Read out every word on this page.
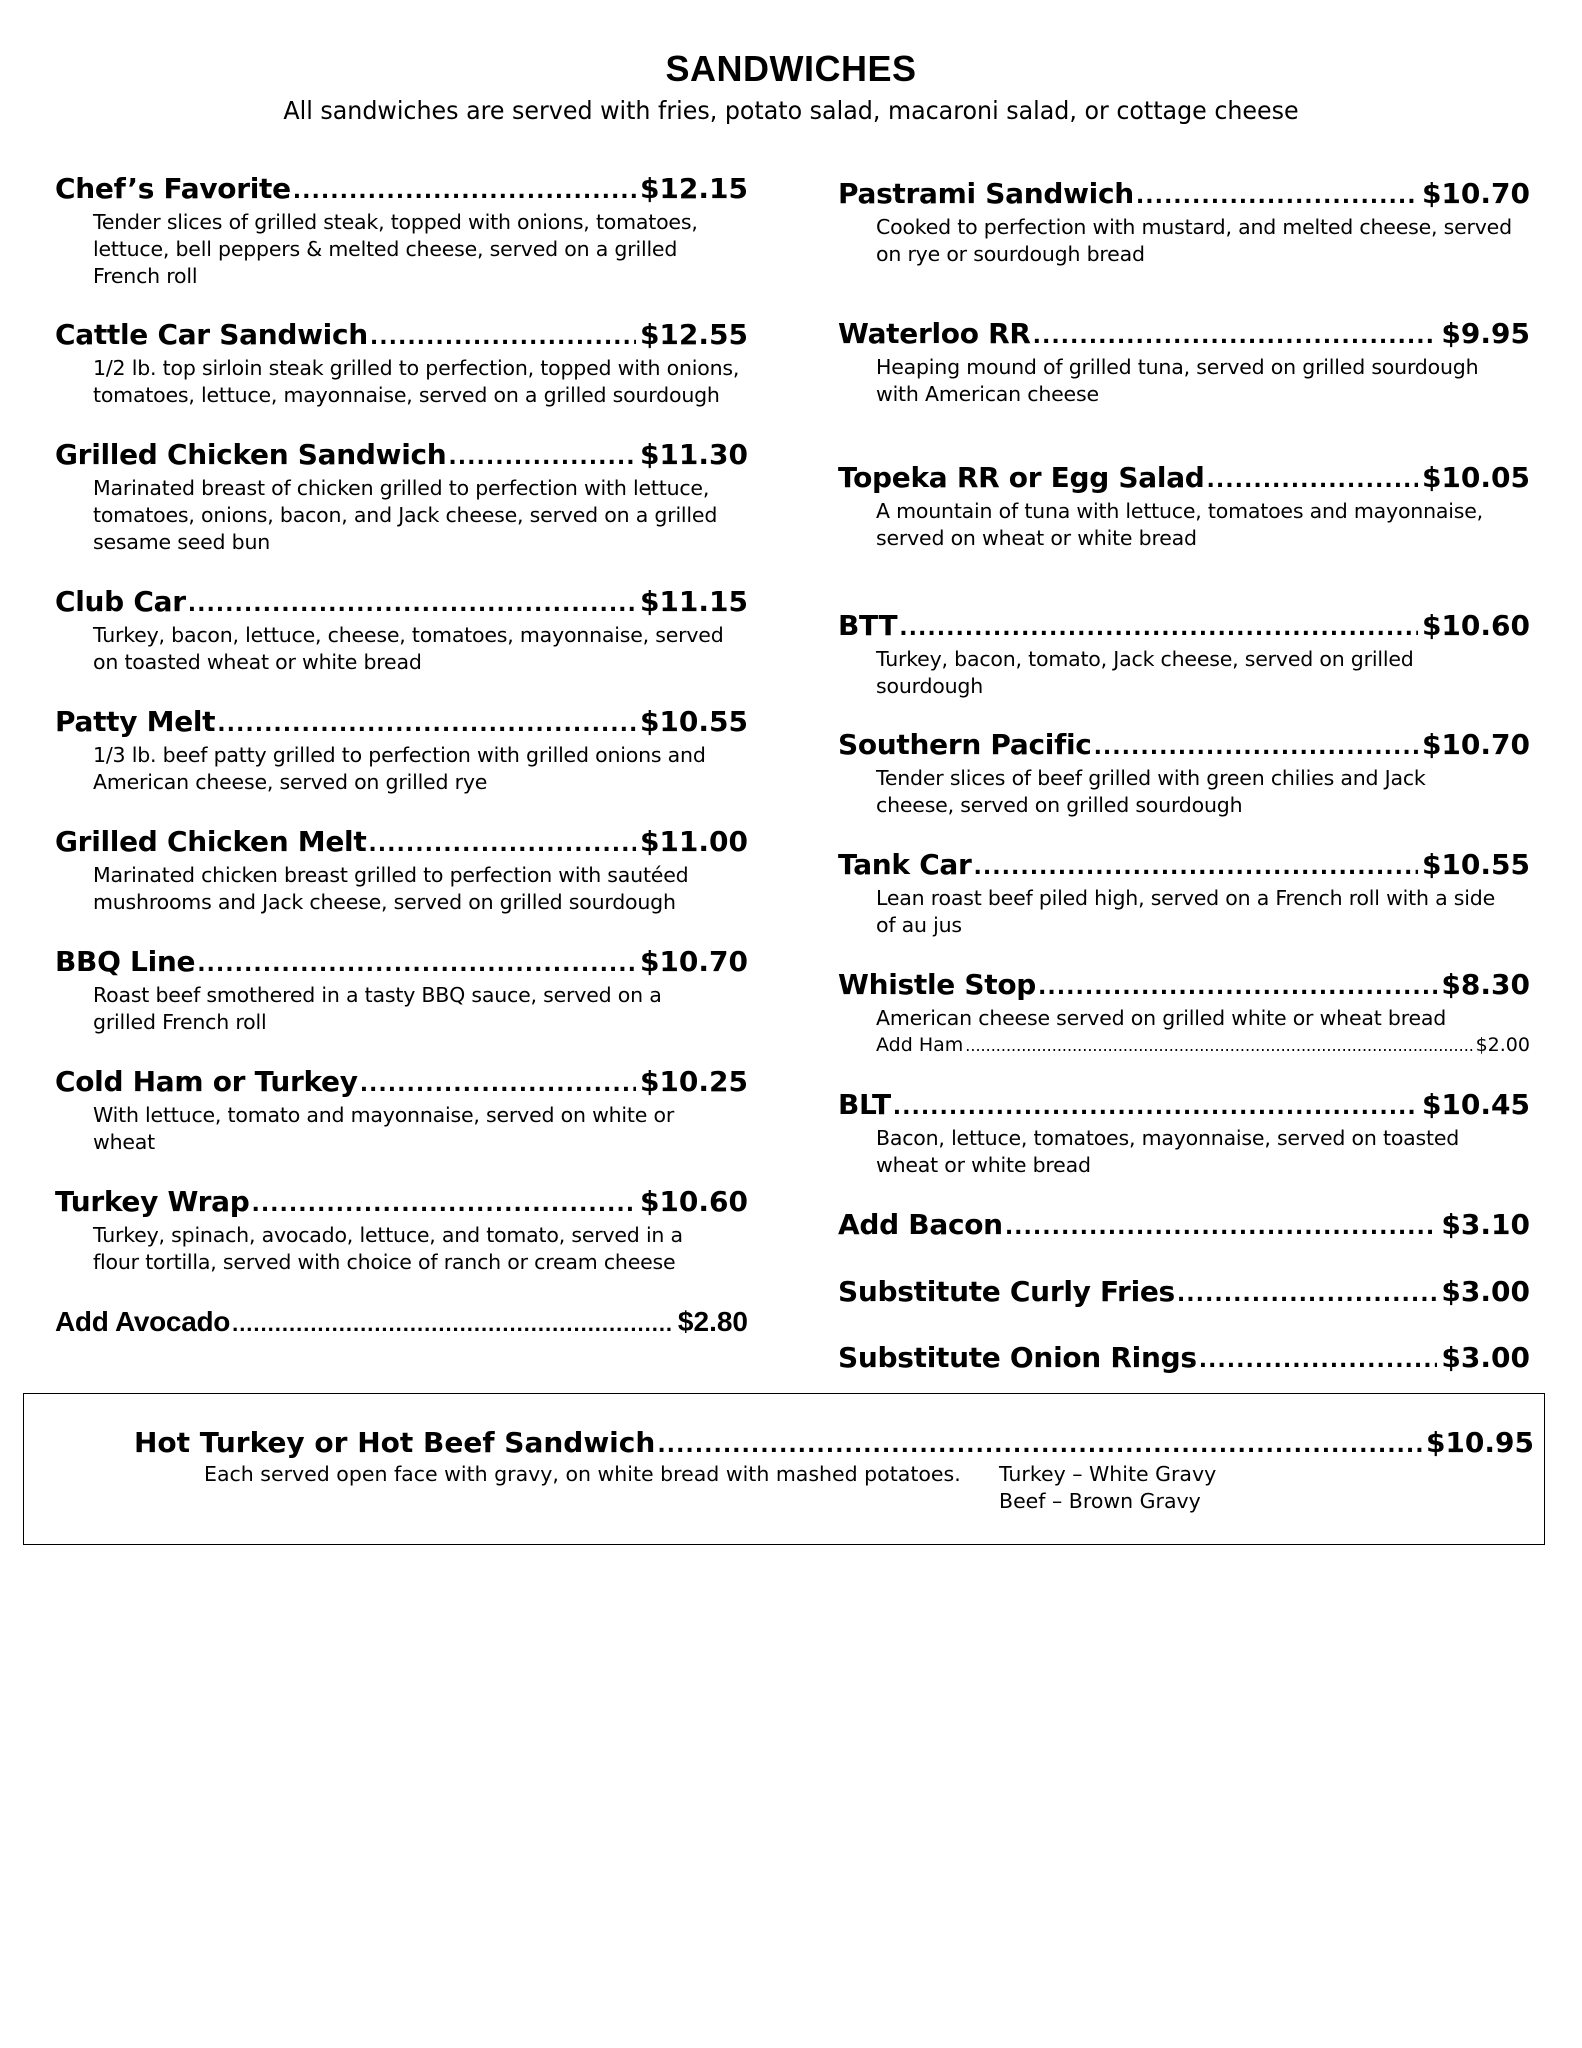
SANDWICHES
All sandwiches are served with fries, potato salad, macaroni salad, or cottage cheese
Chef’s Favorite .....	$12.15
Tender slices of grilled steak, topped with onions, tomatoes,
lettuce, bell peppers & melted cheese, served on a grilled
French roll
Cattle Car Sandwich .....	$12.55
1/2 lb. top sirloin steak grilled to perfection, topped with onions,
tomatoes, lettuce, mayonnaise, served on a grilled sourdough
Grilled Chicken Sandwich .....	$11.30
Marinated breast of chicken grilled to perfection with lettuce,
tomatoes, onions, bacon, and Jack cheese, served on a grilled
sesame seed bun
Club Car .....	$11.15
Turkey, bacon, lettuce, cheese, tomatoes, mayonnaise, served
on toasted wheat or white bread
Patty Melt .....	$10.55
1/3 lb. beef patty grilled to perfection with grilled onions and
American cheese, served on grilled rye
Grilled Chicken Melt .....	$11.00
Marinated chicken breast grilled to perfection with sautéed
mushrooms and Jack cheese, served on grilled sourdough
BBQ Line .....	$10.70
Roast beef smothered in a tasty BBQ sauce, served on a
grilled French roll
Cold Ham or Turkey .....	$10.25
With lettuce, tomato and mayonnaise, served on white or
wheat
Turkey Wrap .....	$10.60
Turkey, spinach, avocado, lettuce, and tomato, served in a
flour tortilla, served with choice of ranch or cream cheese
Add Avocado .....	$2.80
Pastrami Sandwich .....	$10.70
Cooked to perfection with mustard, and melted cheese, served
on rye or sourdough bread
Waterloo RR .....	$9.95
Heaping mound of grilled tuna, served on grilled sourdough
with American cheese
Topeka RR or Egg Salad .....	$10.05
A mountain of tuna with lettuce, tomatoes and mayonnaise,
served on wheat or white bread
BTT .....	$10.60
Turkey, bacon, tomato, Jack cheese, served on grilled
sourdough
Southern Pacific .....	$10.70
Tender slices of beef grilled with green chilies and Jack
cheese, served on grilled sourdough
Tank Car .....	$10.55
Lean roast beef piled high, served on a French roll with a side
of au jus
Whistle Stop .....	$8.30
American cheese served on grilled white or wheat bread
Add Ham .....	$2.00
BLT .....	$10.45
Bacon, lettuce, tomatoes, mayonnaise, served on toasted
wheat or white bread
Add Bacon .....	$3.10
Substitute Curly Fries .....	$3.00
Substitute Onion Rings .....	$3.00
Hot Turkey or Hot Beef Sandwich .....	$10.95
Each served open face with gravy, on white bread with mashed potatoes. Turkey – White Gravy
Beef – Brown Gravy
